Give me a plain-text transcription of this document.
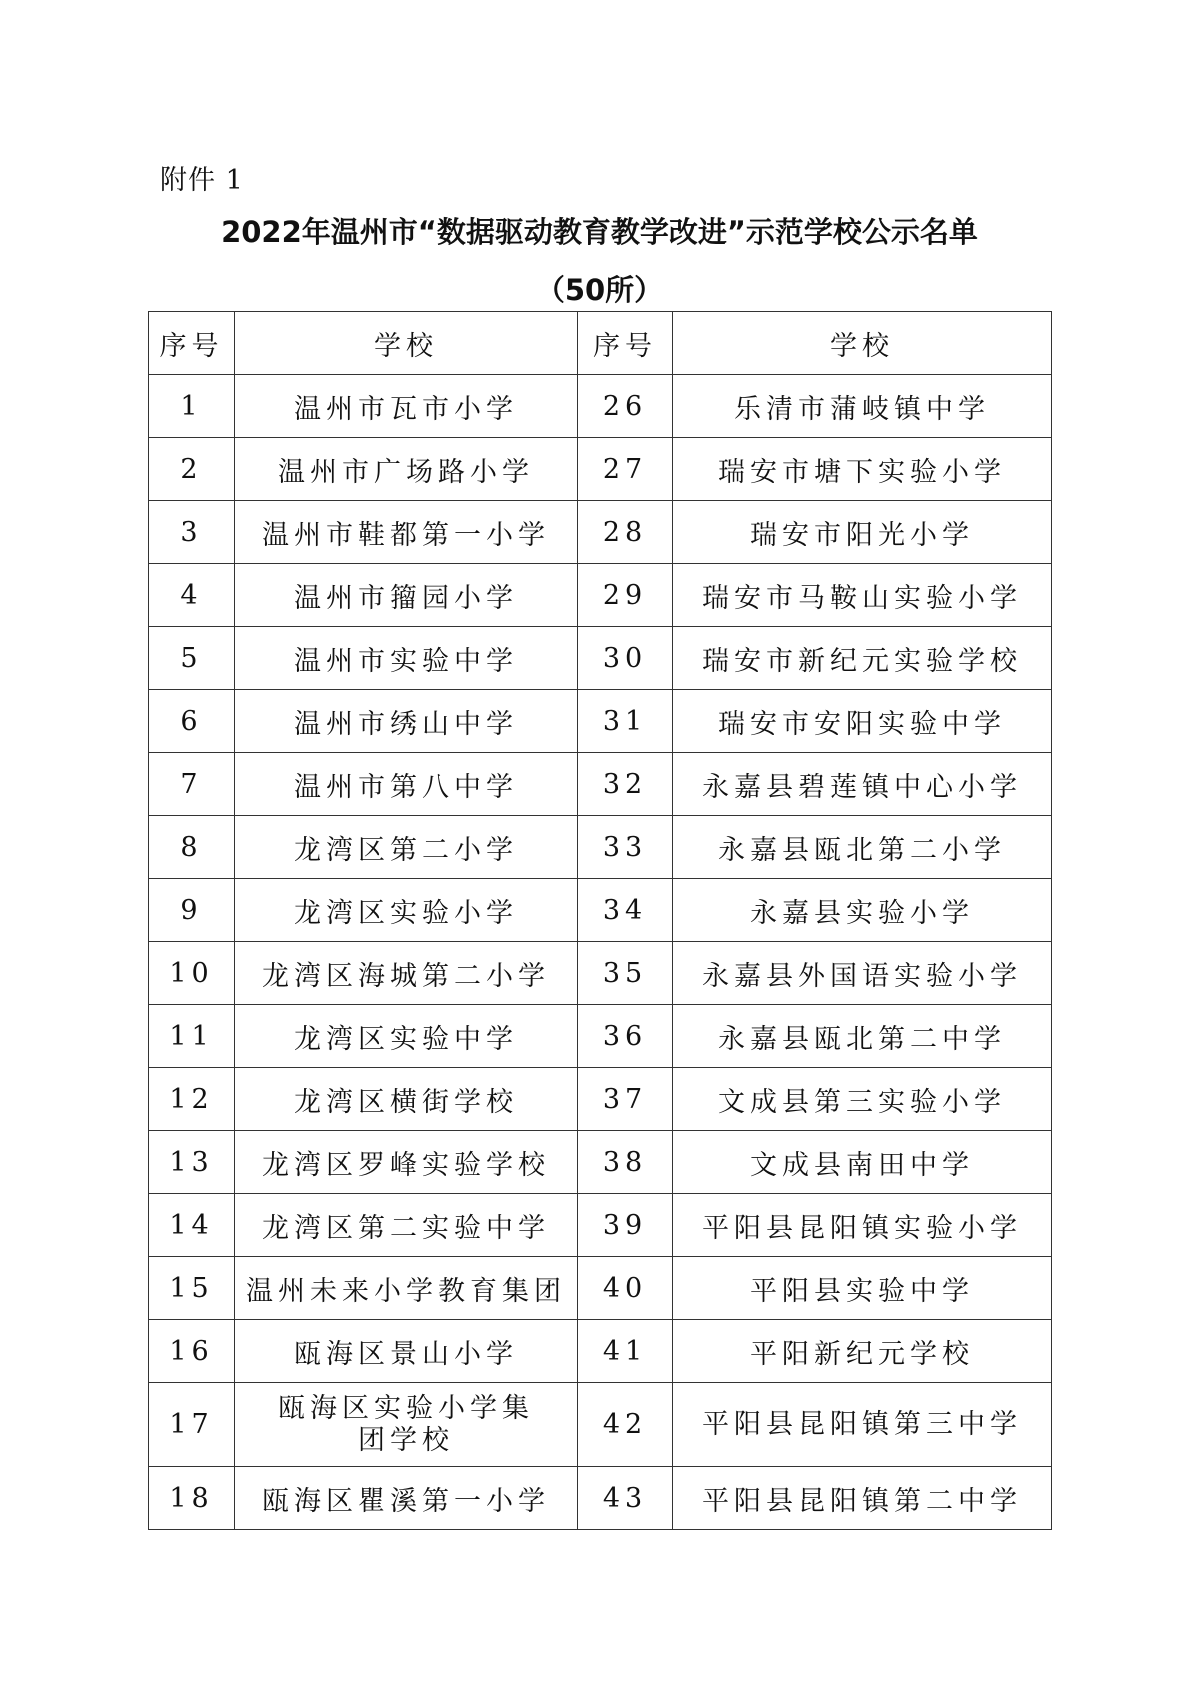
附件 1
2022年温州市“数据驱动教育教学改进”示范学校公示名单
（50所）
序号	学校	序号	学校
1	温州市瓦市小学	26	乐清市蒲岐镇中学
2	温州市广场路小学	27	瑞安市塘下实验小学
3	温州市鞋都第一小学	28	瑞安市阳光小学
4	温州市籀园小学	29	瑞安市马鞍山实验小学
5	温州市实验中学	30	瑞安市新纪元实验学校
6	温州市绣山中学	31	瑞安市安阳实验中学
7	温州市第八中学	32	永嘉县碧莲镇中心小学
8	龙湾区第二小学	33	永嘉县瓯北第二小学
9	龙湾区实验小学	34	永嘉县实验小学
10	龙湾区海城第二小学	35	永嘉县外国语实验小学
11	龙湾区实验中学	36	永嘉县瓯北第二中学
12	龙湾区横街学校	37	文成县第三实验小学
13	龙湾区罗峰实验学校	38	文成县南田中学
14	龙湾区第二实验中学	39	平阳县昆阳镇实验小学
15	温州未来小学教育集团	40	平阳县实验中学
16	瓯海区景山小学	41	平阳新纪元学校
17	瓯海区实验小学集团学校	42	平阳县昆阳镇第三中学
18	瓯海区瞿溪第一小学	43	平阳县昆阳镇第二中学
